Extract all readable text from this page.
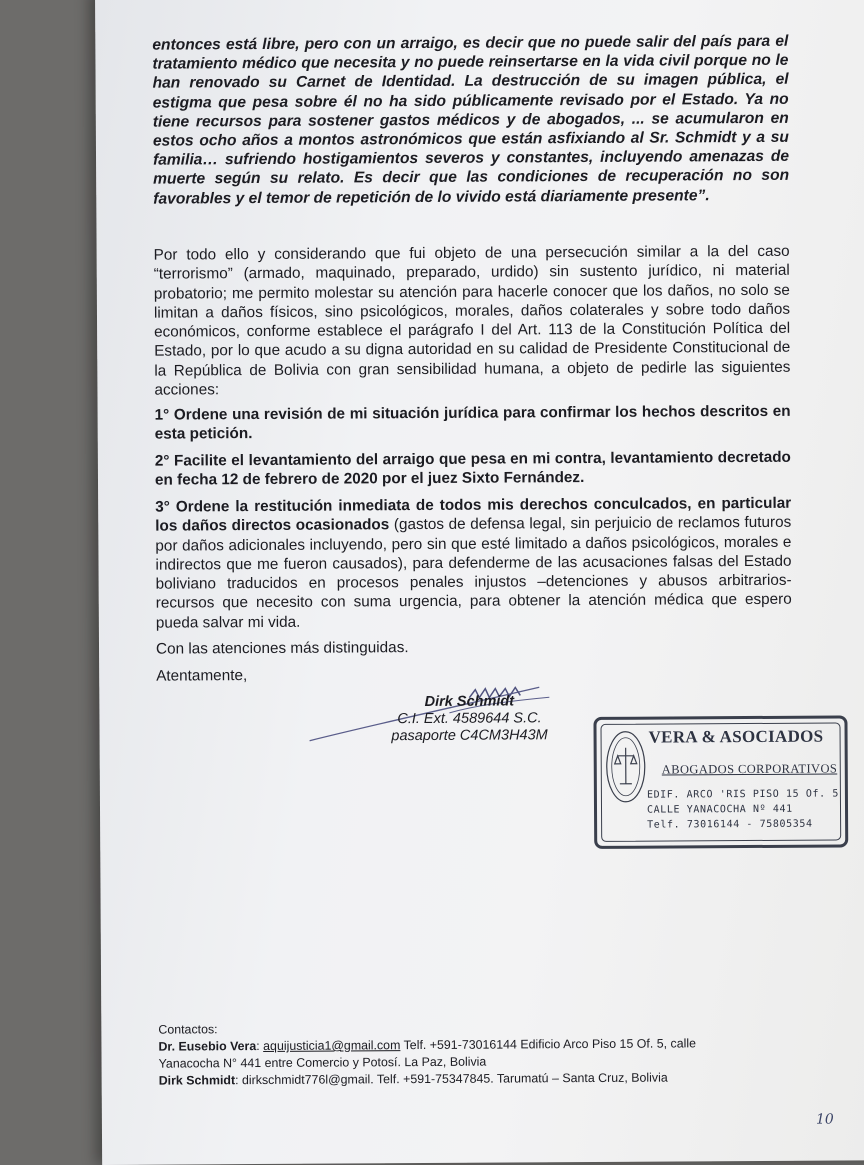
entonces está libre, pero con un arraigo, es decir que no puede salir del país para el tratamiento médico que necesita y no puede reinsertarse en la vida civil porque no le han renovado su Carnet de Identidad. La destrucción de su imagen pública, el estigma que pesa sobre él no ha sido públicamente revisado por el Estado. Ya no tiene recursos para sostener gastos médicos y de abogados, ... se acumularon en estos ocho años a montos astronómicos que están asfixiando al Sr. Schmidt y a su familia… sufriendo hostigamientos severos y constantes, incluyendo amenazas de muerte según su relato. Es decir que las condiciones de recuperación no son favorables y el temor de repetición de lo vivido está diariamente presente”.

Por todo ello y considerando que fui objeto de una persecución similar a la del caso “terrorismo” (armado, maquinado, preparado, urdido) sin sustento jurídico, ni material probatorio; me permito molestar su atención para hacerle conocer que los daños, no solo se limitan a daños físicos, sino psicológicos, morales, daños colaterales y sobre todo daños económicos, conforme establece el parágrafo I del Art. 113 de la Constitución Política del Estado, por lo que acudo a su digna autoridad en su calidad de Presidente Constitucional de la República de Bolivia con gran sensibilidad humana, a objeto de pedirle las siguientes acciones:

1° Ordene una revisión de mi situación jurídica para confirmar los hechos descritos en esta petición.

2° Facilite el levantamiento del arraigo que pesa en mi contra, levantamiento decretado en fecha 12 de febrero de 2020 por el juez Sixto Fernández.

3° Ordene la restitución inmediata de todos mis derechos conculcados, en particular los daños directos ocasionados (gastos de defensa legal, sin perjuicio de reclamos futuros por daños adicionales incluyendo, pero sin que esté limitado a daños psicológicos, morales e indirectos que me fueron causados), para defenderme de las acusaciones falsas del Estado boliviano traducidos en procesos penales injustos –detenciones y abusos arbitrarios- recursos que necesito con suma urgencia, para obtener la atención médica que espero pueda salvar mi vida.

Con las atenciones más distinguidas.

Atentamente,

Dirk Schmidt

C.I. Ext. 4589644 S.C.

pasaporte C4CM3H43M	VERA & ASOCIADOS
ABOGADOS CORPORATIVOS
EDIF. ARCO 'RIS PISO 15 Of. 5
CALLE YANACOCHA Nº 441
Telf. 73016144 - 75805354

Contactos:

Dr. Eusebio Vera: aquijusticia1@gmail.com Telf. +591-73016144 Edificio Arco Piso 15 Of. 5, calle

Yanacocha N° 441 entre Comercio y Potosí. La Paz, Bolivia

Dirk Schmidt: dirkschmidt776l@gmail. Telf. +591-75347845. Tarumatú – Santa Cruz, Bolivia

10
